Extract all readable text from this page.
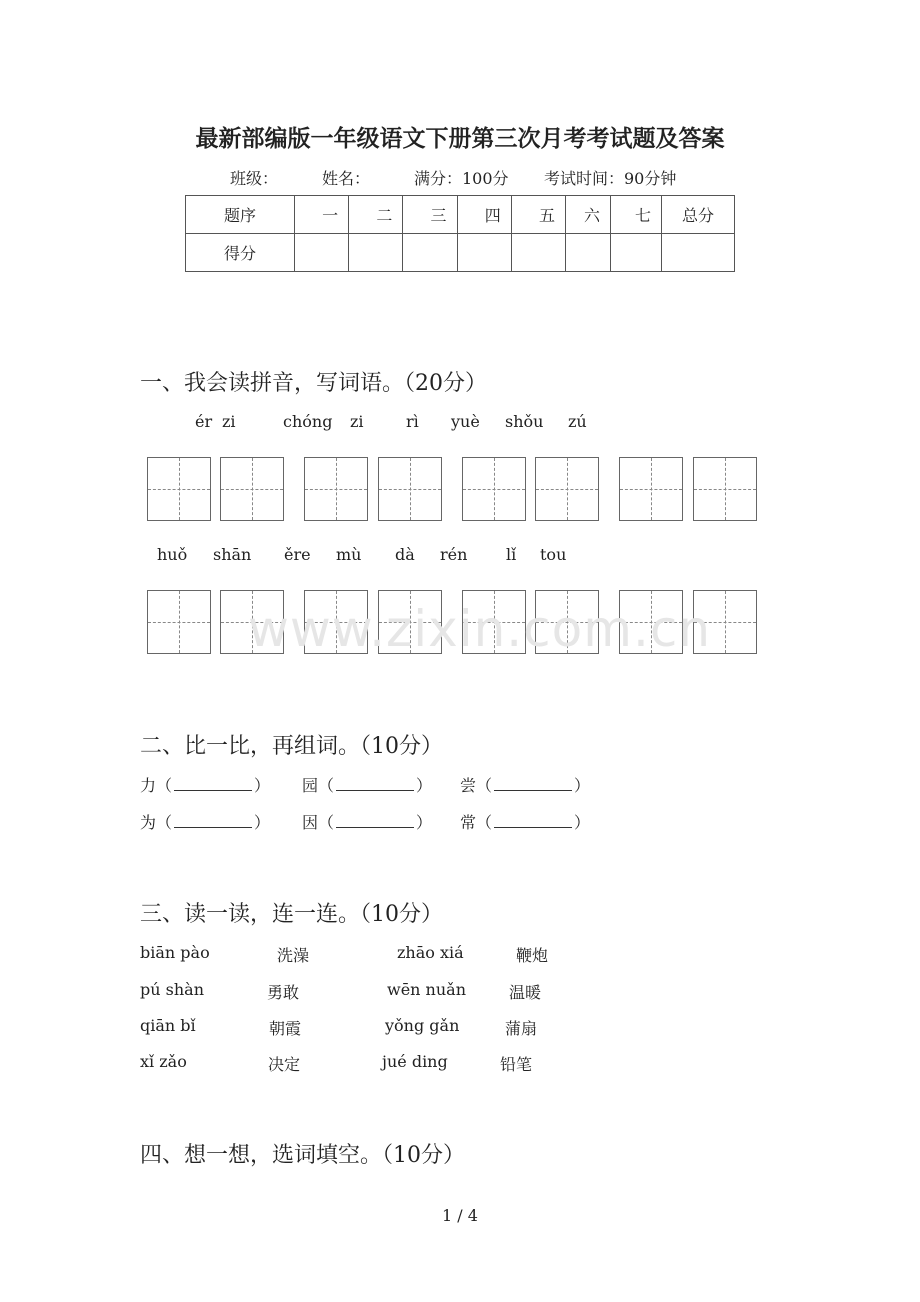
最新部编版一年级语文下册第三次月考考试题及答案
班级：	姓名：	满分：100分 考试时间：90分钟
题序	一	二	三	四	五	六	七	总分
得分								
一、我会读拼音，写词语。（20分）
ér zi	chóng zi	rì yuè shǒu zú
huǒ shān ěre mù dà rén lǐ tou
www.zixin.com.cn
二、比一比，再组词。（10分）
力（	） 园（	） 尝（	）
为（	） 因（	） 常（	）
三、读一读，连一连。（10分）
biān pào	洗澡	zhāo xiá	鞭炮
pú shàn	勇敢	wēn nuǎn	温暖
qiān bǐ	朝霞	yǒng gǎn	蒲扇
xǐ zǎo	决定	jué ding	铅笔
四、想一想，选词填空。（10分）
1 / 4
